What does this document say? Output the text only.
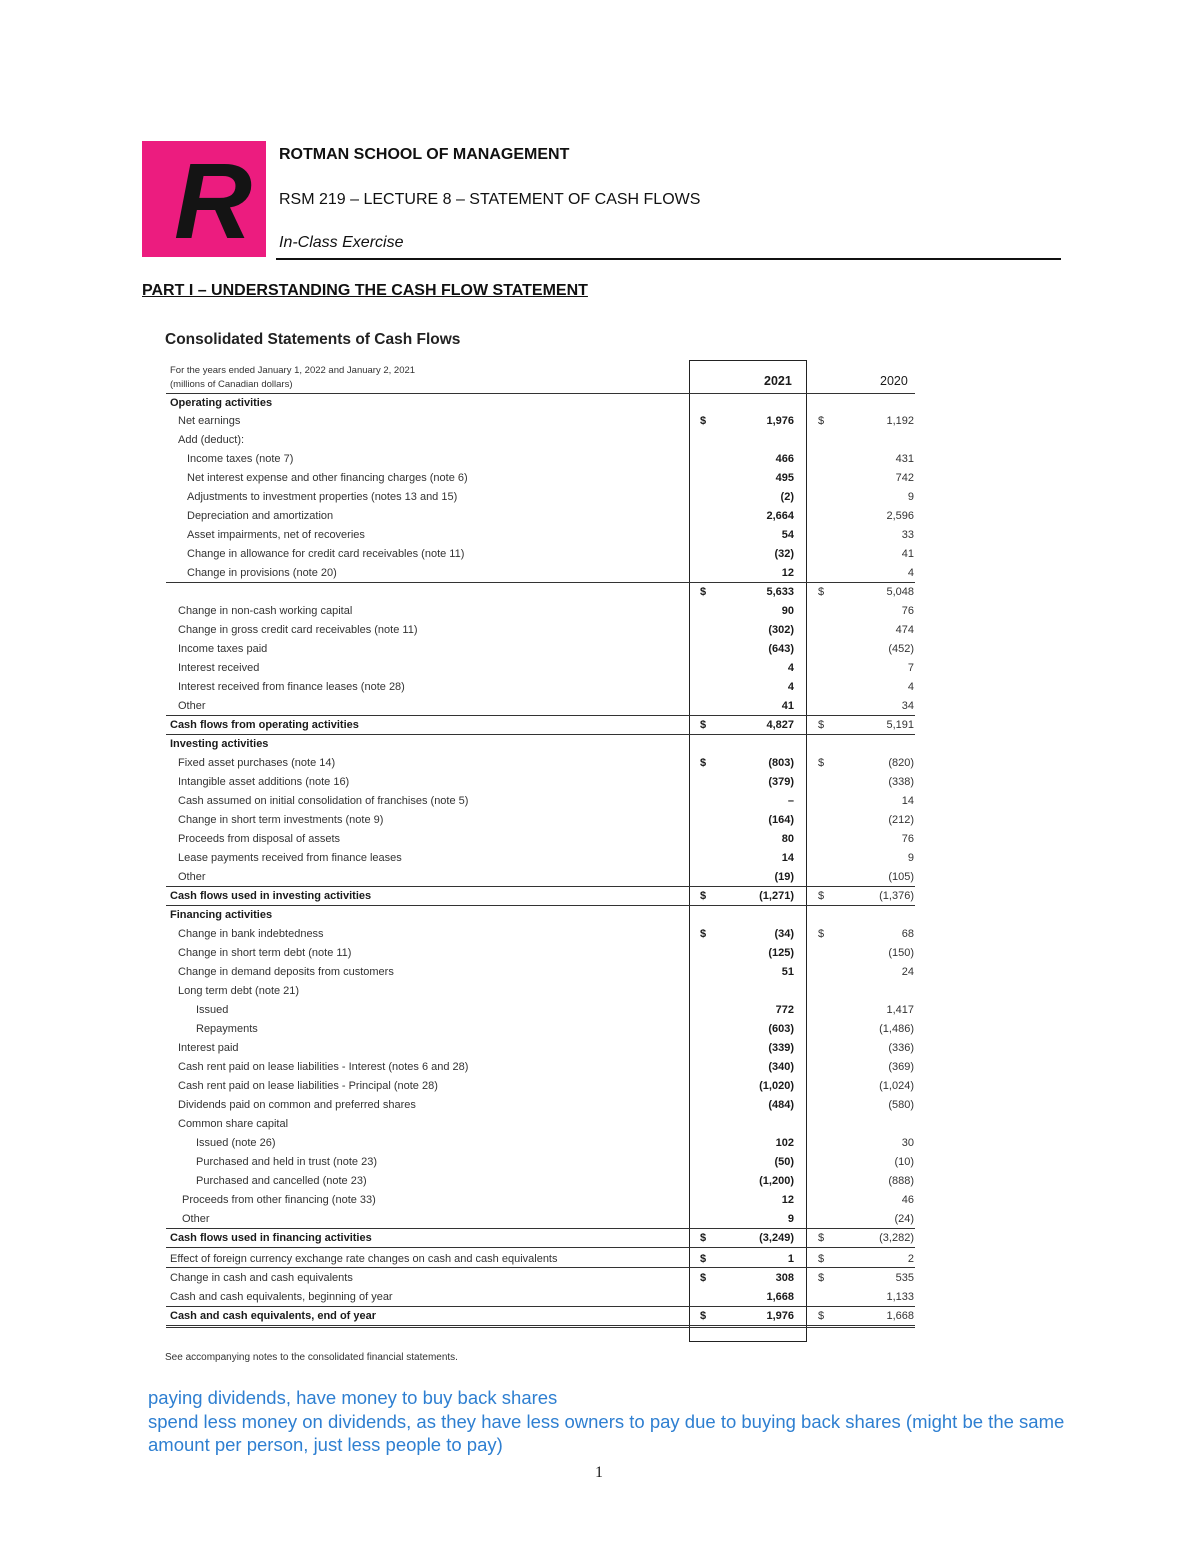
R ROTMAN SCHOOL OF MANAGEMENT
RSM 219 – LECTURE 8 – STATEMENT OF CASH FLOWS
In-Class Exercise
PART I – UNDERSTANDING THE CASH FLOW STATEMENT
Consolidated Statements of Cash Flows
For the years ended January 1, 2022 and January 2, 2021
(millions of Canadian dollars)	2021	2020
Operating activities
Net earnings	$	1,976 $	1,192
Add (deduct):
Income taxes (note 7)	466	431
Net interest expense and other financing charges (note 6)	495	742
Adjustments to investment properties (notes 13 and 15)	(2)	9
Depreciation and amortization	2,664	2,596
Asset impairments, net of recoveries	54	33
Change in allowance for credit card receivables (note 11)	(32)	41
Change in provisions (note 20)	12	4
$	5,633 $	5,048
Change in non-cash working capital	90	76
Change in gross credit card receivables (note 11)	(302)	474
Income taxes paid	(643)	(452)
Interest received	4	7
Interest received from finance leases (note 28)	4	4
Other	41	34
Cash flows from operating activities	$	4,827 $	5,191
Investing activities
Fixed asset purchases (note 14)	$	(803) $	(820)
Intangible asset additions (note 16)	(379)	(338)
Cash assumed on initial consolidation of franchises (note 5)	–	14
Change in short term investments (note 9)	(164)	(212)
Proceeds from disposal of assets	80	76
Lease payments received from finance leases	14	9
Other	(19)	(105)
Cash flows used in investing activities	$	(1,271) $	(1,376)
Financing activities
Change in bank indebtedness	$	(34) $	68
Change in short term debt (note 11)	(125)	(150)
Change in demand deposits from customers	51	24
Long term debt (note 21)
Issued	772	1,417
Repayments	(603)	(1,486)
Interest paid	(339)	(336)
Cash rent paid on lease liabilities - Interest (notes 6 and 28)	(340)	(369)
Cash rent paid on lease liabilities - Principal (note 28)	(1,020)	(1,024)
Dividends paid on common and preferred shares	(484)	(580)
Common share capital
Issued (note 26)	102	30
Purchased and held in trust (note 23)	(50)	(10)
Purchased and cancelled (note 23)	(1,200)	(888)
Proceeds from other financing (note 33)	12	46
Other	9	(24)
Cash flows used in financing activities	$	(3,249) $	(3,282)
Effect of foreign currency exchange rate changes on cash and cash equivalents	$	1 $	2
Change in cash and cash equivalents	$	308 $	535
Cash and cash equivalents, beginning of year	1,668	1,133
Cash and cash equivalents, end of year	$	1,976 $	1,668
See accompanying notes to the consolidated financial statements.
paying dividends, have money to buy back shares
spend less money on dividends, as they have less owners to pay due to buying back shares (might be the same
amount per person, just less people to pay)
1
